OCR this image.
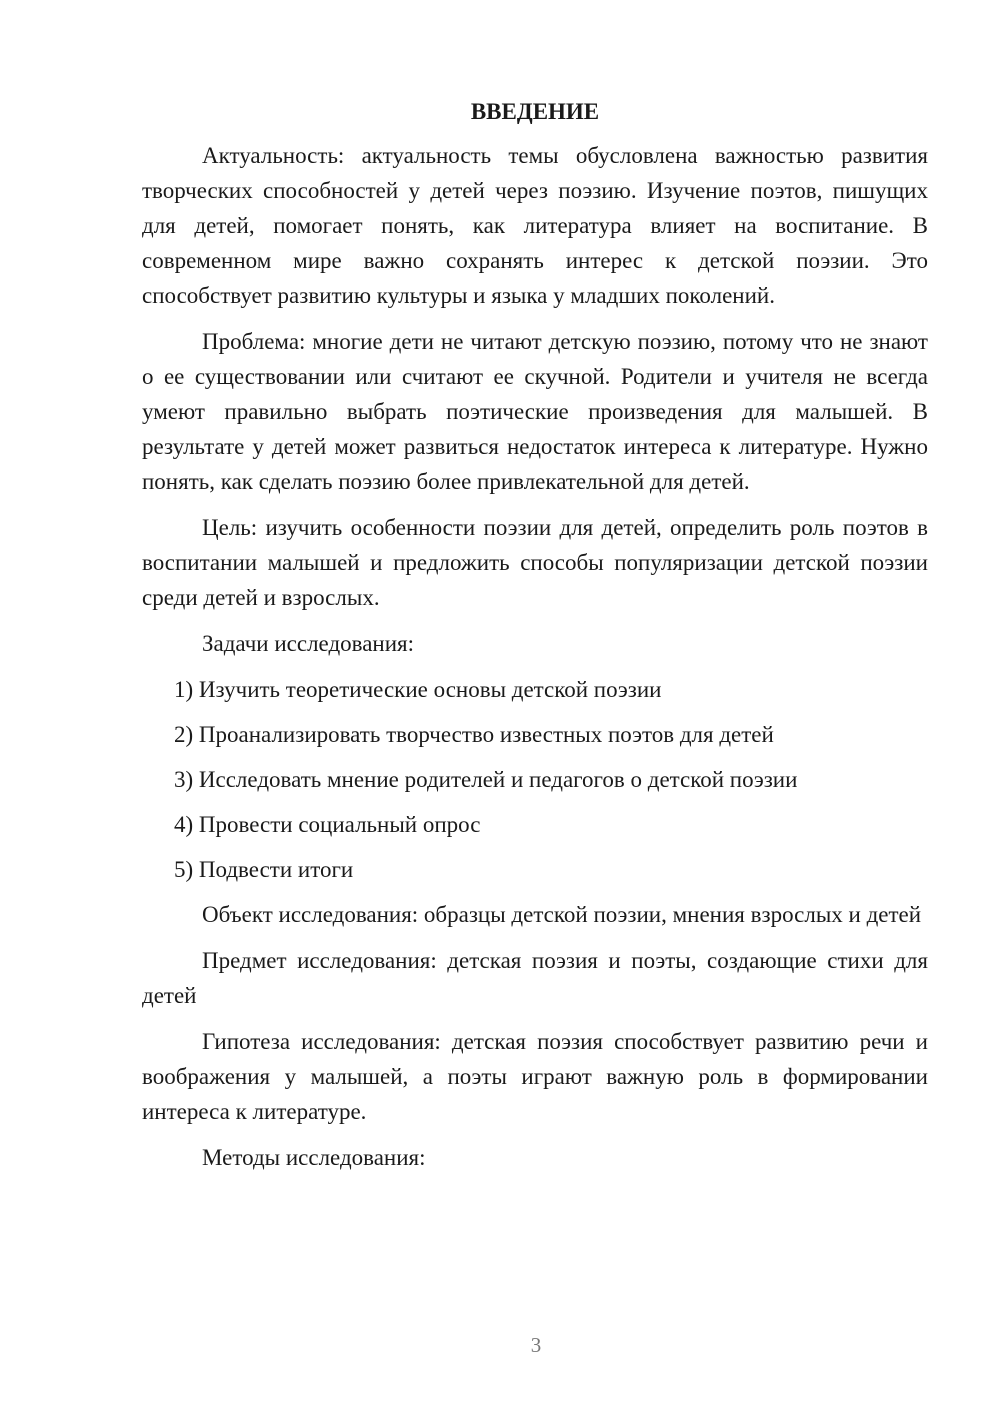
ВВЕДЕНИЕ

Актуальность: актуальность темы обусловлена важностью развития творческих способностей у детей через поэзию. Изучение поэтов, пишущих для детей, помогает понять, как литература влияет на воспитание. В современном мире важно сохранять интерес к детской поэзии. Это способствует развитию культуры и языка у младших поколений.

Проблема: многие дети не читают детскую поэзию, потому что не знают о ее существовании или считают ее скучной. Родители и учителя не всегда умеют правильно выбрать поэтические произведения для малышей. В результате у детей может развиться недостаток интереса к литературе. Нужно понять, как сделать поэзию более привлекательной для детей.

Цель: изучить особенности поэзии для детей, определить роль поэтов в воспитании малышей и предложить способы популяризации детской поэзии среди детей и взрослых.

Задачи исследования:

1) Изучить теоретические основы детской поэзии
2) Проанализировать творчество известных поэтов для детей
3) Исследовать мнение родителей и педагогов о детской поэзии
4) Провести социальный опрос
5) Подвести итоги

Объект исследования: образцы детской поэзии, мнения взрослых и детей

Предмет исследования: детская поэзия и поэты, создающие стихи для детей

Гипотеза исследования: детская поэзия способствует развитию речи и воображения у малышей, а поэты играют важную роль в формировании интереса к литературе.

Методы исследования:

3
